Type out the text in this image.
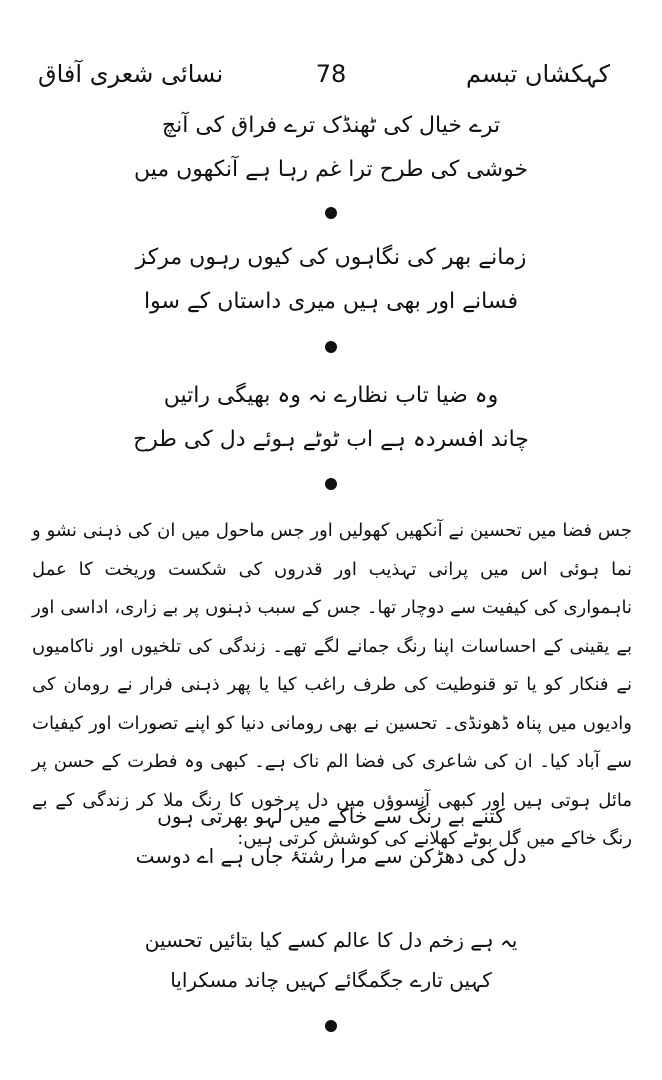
کہکشاں تبسم
78
نسائی شعری آفاق
ترے خیال کی ٹھنڈک ترے فراق کی آنچ
خوشی کی طرح ترا غم رہا ہے آنکھوں میں
زمانے بھر کی نگاہوں کی کیوں رہوں مرکز
فسانے اور بھی ہیں میری داستاں کے سوا
وہ ضیا تاب نظارے نہ وہ بھیگی راتیں
چاند افسردہ ہے اب ٹوٹے ہوئے دل کی طرح

جس فضا میں تحسین نے آنکھیں کھولیں اور جس ماحول میں ان کی ذہنی نشو و نما ہوئی اس میں پرانی تہذیب اور قدروں کی شکست وریخت کا عمل ناہمواری کی کیفیت سے دوچار تھا۔ جس کے سبب ذہنوں پر بے زاری، اداسی اور بے یقینی کے احساسات اپنا رنگ جمانے لگے تھے۔ زندگی کی تلخیوں اور ناکامیوں نے فنکار کو یا تو قنوطیت کی طرف راغب کیا یا پھر ذہنی فرار نے رومان کی وادیوں میں پناہ ڈھونڈی۔ تحسین نے بھی رومانی دنیا کو اپنے تصورات اور کیفیات سے آباد کیا۔ ان کی شاعری کی فضا الم ناک ہے۔ کبھی وہ فطرت کے حسن پر مائل ہوتی ہیں اور کبھی آنسوؤں میں دل پرخوں کا رنگ ملا کر زندگی کے بے رنگ خاکے میں گل بوٹے کھلانے کی کوشش کرتی ہیں:

کتنے بے رنگ سے خاکے میں لہو بھرتی ہوں
دل کی دھڑکن سے مرا رشتۂ جاں ہے اے دوست
یہ ہے زخم دل کا عالم کسے کیا بتائیں تحسین
کہیں تارے جگمگائے کہیں چاند مسکرایا
